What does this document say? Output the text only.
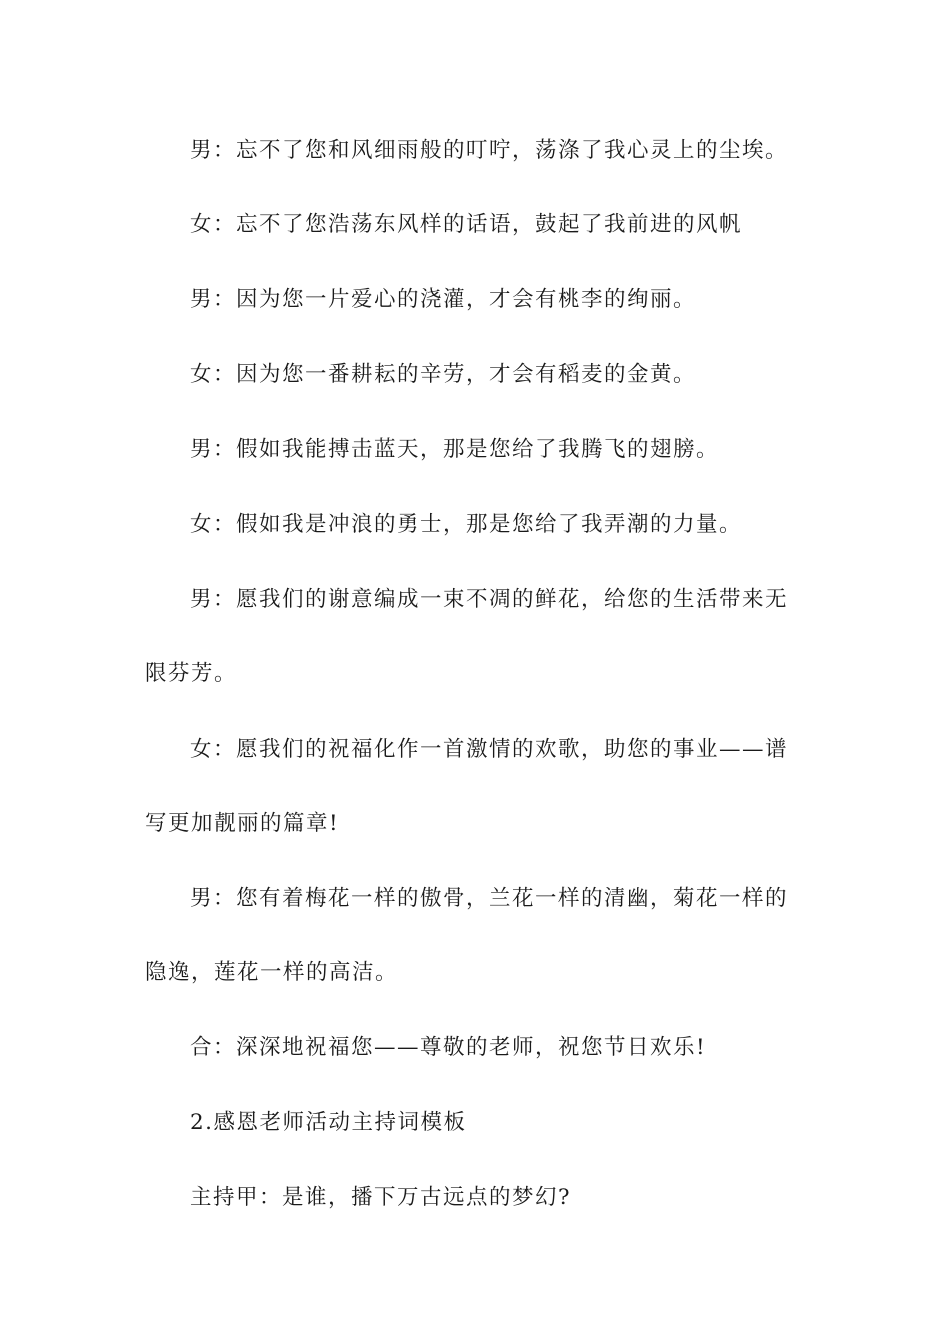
男：忘不了您和风细雨般的叮咛，荡涤了我心灵上的尘埃。

女：忘不了您浩荡东风样的话语，鼓起了我前进的风帆

男：因为您一片爱心的浇灌，才会有桃李的绚丽。

女：因为您一番耕耘的辛劳，才会有稻麦的金黄。

男：假如我能搏击蓝天，那是您给了我腾飞的翅膀。

女：假如我是冲浪的勇士，那是您给了我弄潮的力量。

男：愿我们的谢意编成一束不凋的鲜花，给您的生活带来无限芬芳。

女：愿我们的祝福化作一首激情的欢歌，助您的事业——谱写更加靓丽的篇章!

男：您有着梅花一样的傲骨，兰花一样的清幽，菊花一样的隐逸，莲花一样的高洁。

合：深深地祝福您——尊敬的老师，祝您节日欢乐!

2.感恩老师活动主持词模板

主持甲：是谁，播下万古远点的梦幻?
